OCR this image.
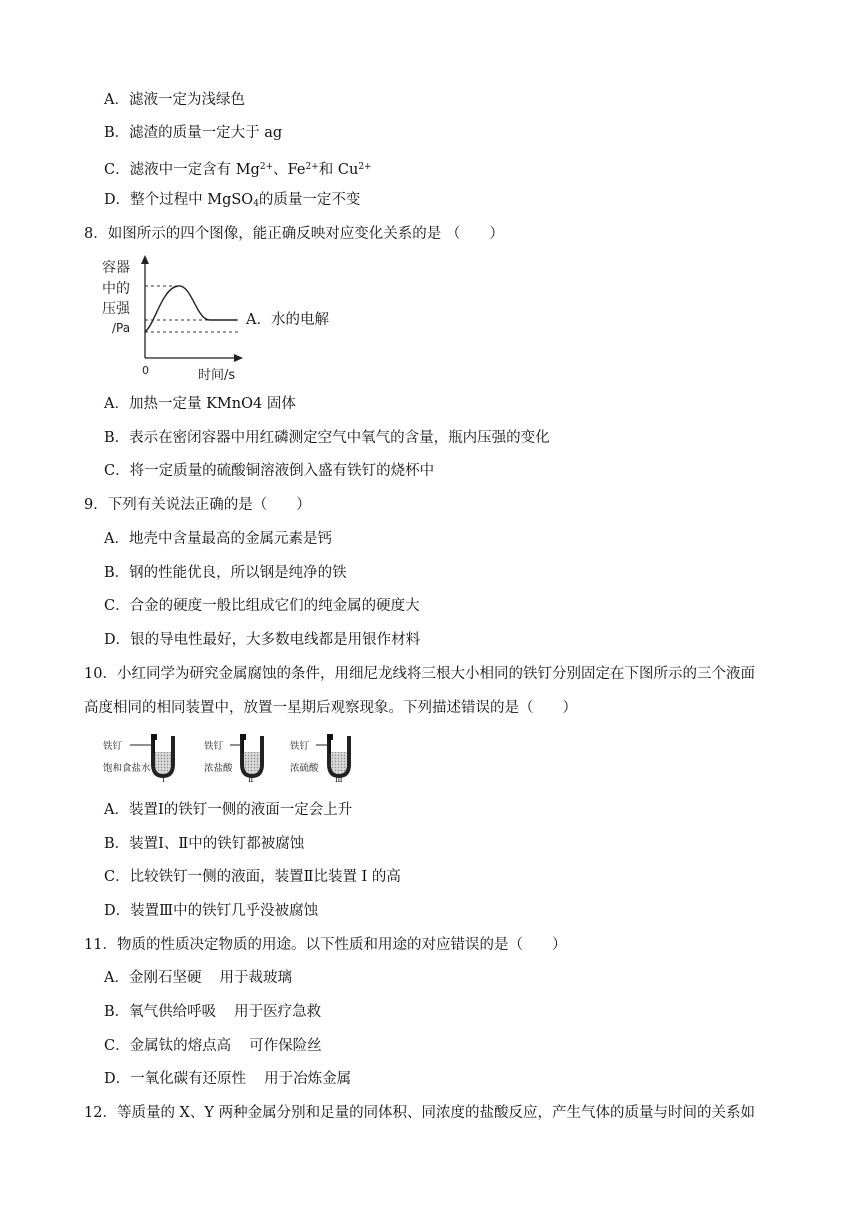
A．滤液一定为浅绿色
B．滤渣的质量一定大于 ag
C．滤液中一定含有 $Mg^{2+}$、$Fe^{2+}$和 $Cu^{2+}$
D．整个过程中 MgSO$_4$的质量一定不变
8．如图所示的四个图像，能正确反映对应变化关系的是 （　　）
容器
中的
压强
/Pa
0	时间/s
A．水的电解
A．加热一定量 KMnO4 固体
B．表示在密闭容器中用红磷测定空气中氧气的含量，瓶内压强的变化
C．将一定质量的硫酸铜溶液倒入盛有铁钉的烧杯中
9．下列有关说法正确的是（　　）
A．地壳中含量最高的金属元素是钙
B．钢的性能优良，所以钢是纯净的铁
C．合金的硬度一般比组成它们的纯金属的硬度大
D．银的导电性最好，大多数电线都是用银作材料
10．小红同学为研究金属腐蚀的条件，用细尼龙线将三根大小相同的铁钉分别固定在下图所示的三个液面
高度相同的相同装置中，放置一星期后观察现象。下列描述错误的是（　　）
铁钉
饱和食盐水
Ⅰ
铁钉
浓盐酸
Ⅱ
铁钉
浓硫酸
Ⅲ
A．装置Ⅰ的铁钉一侧的液面一定会上升
B．装置Ⅰ、Ⅱ中的铁钉都被腐蚀
C．比较铁钉一侧的液面，装置Ⅱ比装置 I 的高
D．装置Ⅲ中的铁钉几乎没被腐蚀
11．物质的性质决定物质的用途。以下性质和用途的对应错误的是（　　）
A．金刚石坚硬 用于裁玻璃
B．氧气供给呼吸 用于医疗急救
C．金属钛的熔点高 可作保险丝
D．一氧化碳有还原性 用于冶炼金属
12．等质量的 X、Y 两种金属分别和足量的同体积、同浓度的盐酸反应，产生气体的质量与时间的关系如
